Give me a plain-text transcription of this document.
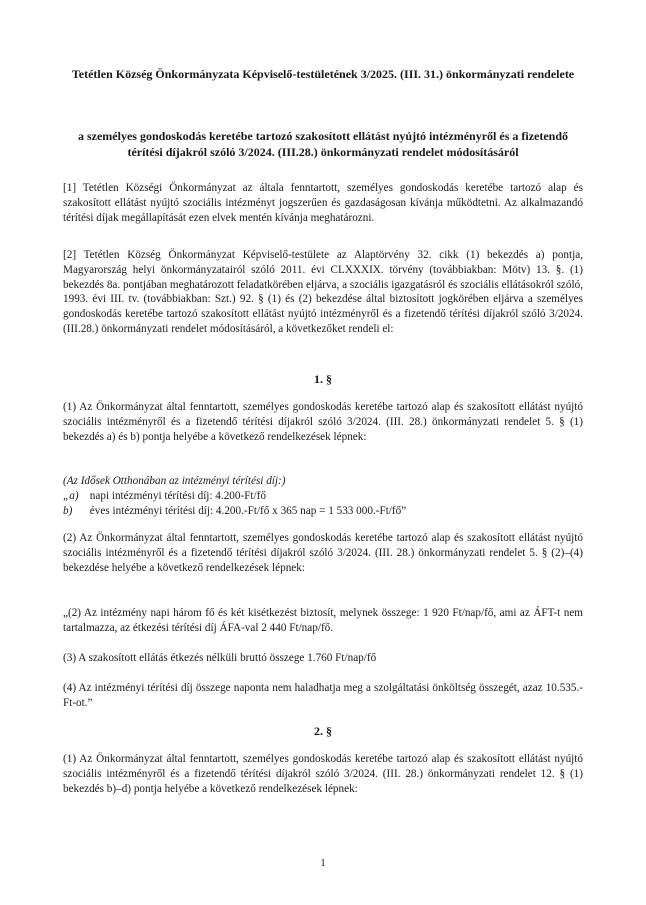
Tetétlen Község Önkormányzata Képviselő-testületének 3/2025. (III. 31.) önkormányzati rendelete
a személyes gondoskodás keretébe tartozó szakosított ellátást nyújtó intézményről és a fizetendő térítési díjakról szóló 3/2024. (III.28.) önkormányzati rendelet módosításáról
[1] Tetétlen Községi Önkormányzat az általa fenntartott, személyes gondoskodás keretébe tartozó alap és szakosított ellátást nyújtó szociális intézményt jogszerűen és gazdaságosan kívánja működtetni. Az alkalmazandó térítési díjak megállapítását ezen elvek mentén kívánja meghatározni.
[2] Tetétlen Község Önkormányzat Képviselő-testülete az Alaptörvény 32. cikk (1) bekezdés a) pontja, Magyarország helyi önkormányzatairól szóló 2011. évi CLXXXIX. törvény (továbbiakban: Mötv) 13. §. (1) bekezdés 8a. pontjában meghatározott feladatkörében eljárva, a szociális igazgatásról és szociális ellátásokról szóló, 1993. évi III. tv. (továbbiakban: Szt.) 92. § (1) és (2) bekezdése által biztosított jogkörében eljárva a személyes gondoskodás keretébe tartozó szakosított ellátást nyújtó intézményről és a fizetendő térítési díjakról szóló 3/2024. (III.28.) önkormányzati rendelet módosításáról, a következőket rendeli el:
1. §
(1) Az Önkormányzat által fenntartott, személyes gondoskodás keretébe tartozó alap és szakosított ellátást nyújtó szociális intézményről és a fizetendő térítési díjakról szóló 3/2024. (III. 28.) önkormányzati rendelet 5. § (1) bekezdés a) és b) pontja helyébe a következő rendelkezések lépnek:
(Az Idősek Otthonában az intézményi térítési díj:)
„a) napi intézményi térítési díj: 4.200-Ft/fő
b) éves intézményi térítési díj: 4.200.-Ft/fő x 365 nap = 1 533 000.-Ft/fő”
(2) Az Önkormányzat által fenntartott, személyes gondoskodás keretébe tartozó alap és szakosított ellátást nyújtó szociális intézményről és a fizetendő térítési díjakról szóló 3/2024. (III. 28.) önkormányzati rendelet 5. § (2)–(4) bekezdése helyébe a következő rendelkezések lépnek:
„(2) Az intézmény napi három fő és két kisétkezést biztosít, melynek összege: 1 920 Ft/nap/fő, ami az ÁFT-t nem tartalmazza, az étkezési térítési díj ÁFA-val 2 440 Ft/nap/fő.
(3) A szakosított ellátás étkezés nélküli bruttó összege 1.760 Ft/nap/fő
(4) Az intézményi térítési díj összege naponta nem haladhatja meg a szolgáltatási önköltség összegét, azaz 10.535.-Ft-ot.”
2. §
(1) Az Önkormányzat által fenntartott, személyes gondoskodás keretébe tartozó alap és szakosított ellátást nyújtó szociális intézményről és a fizetendő térítési díjakról szóló 3/2024. (III. 28.) önkormányzati rendelet 12. § (1) bekezdés b)–d) pontja helyébe a következő rendelkezések lépnek:
1
